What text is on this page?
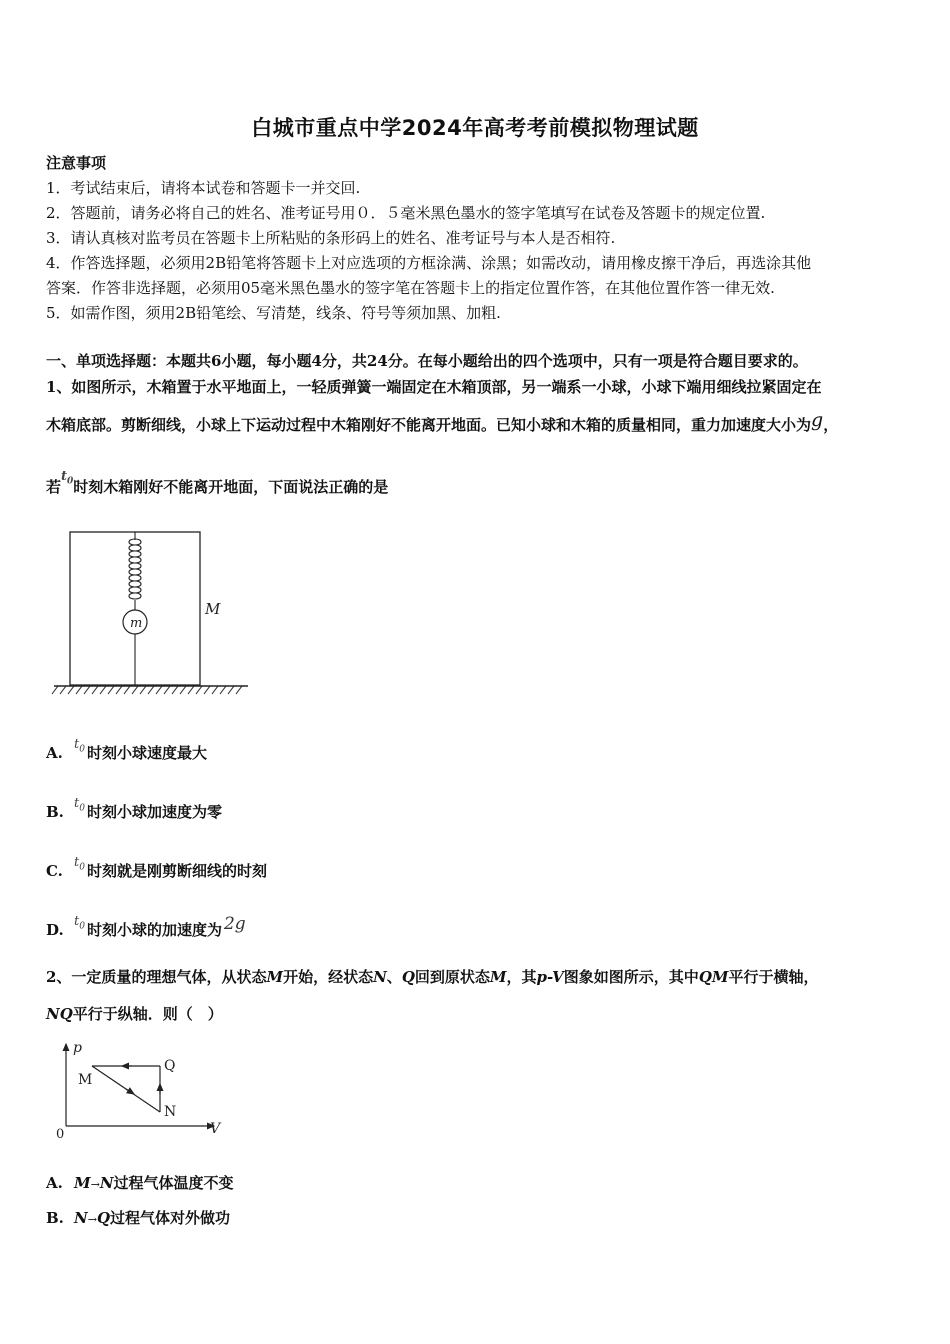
白城市重点中学2024年高考考前模拟物理试题
注意事项
1．考试结束后，请将本试卷和答题卡一并交回.
2．答题前，请务必将自己的姓名、准考证号用０．５毫米黑色墨水的签字笔填写在试卷及答题卡的规定位置.
3．请认真核对监考员在答题卡上所粘贴的条形码上的姓名、准考证号与本人是否相符.
4．作答选择题，必须用2B铅笔将答题卡上对应选项的方框涂满、涂黑；如需改动，请用橡皮擦干净后，再选涂其他
答案．作答非选择题，必须用05毫米黑色墨水的签字笔在答题卡上的指定位置作答，在其他位置作答一律无效.
5．如需作图，须用2B铅笔绘、写清楚，线条、符号等须加黑、加粗.
一、单项选择题：本题共6小题，每小题4分，共24分。在每小题给出的四个选项中，只有一项是符合题目要求的。
1、如图所示，木箱置于水平地面上，一轻质弹簧一端固定在木箱顶部，另一端系一小球，小球下端用细线拉紧固定在
木箱底部。剪断细线，小球上下运动过程中木箱刚好不能离开地面。已知小球和木箱的质量相同，重力加速度大小为g，
若$t_0$时刻木箱刚好不能离开地面，下面说法正确的是
m
M
A. $t_0$ 时刻小球速度最大
B. $t_0$ 时刻小球加速度为零
C. $t_0$ 时刻就是刚剪断细线的时刻
D. $t_0$ 时刻小球的加速度为 2g
2、一定质量的理想气体，从状态M开始，经状态N、Q回到原状态M，其p-V图象如图所示，其中QM平行于横轴，
NQ平行于纵轴．则（　）
p
V
0
M
N
Q
A. M→N过程气体温度不变
B. N→Q过程气体对外做功
